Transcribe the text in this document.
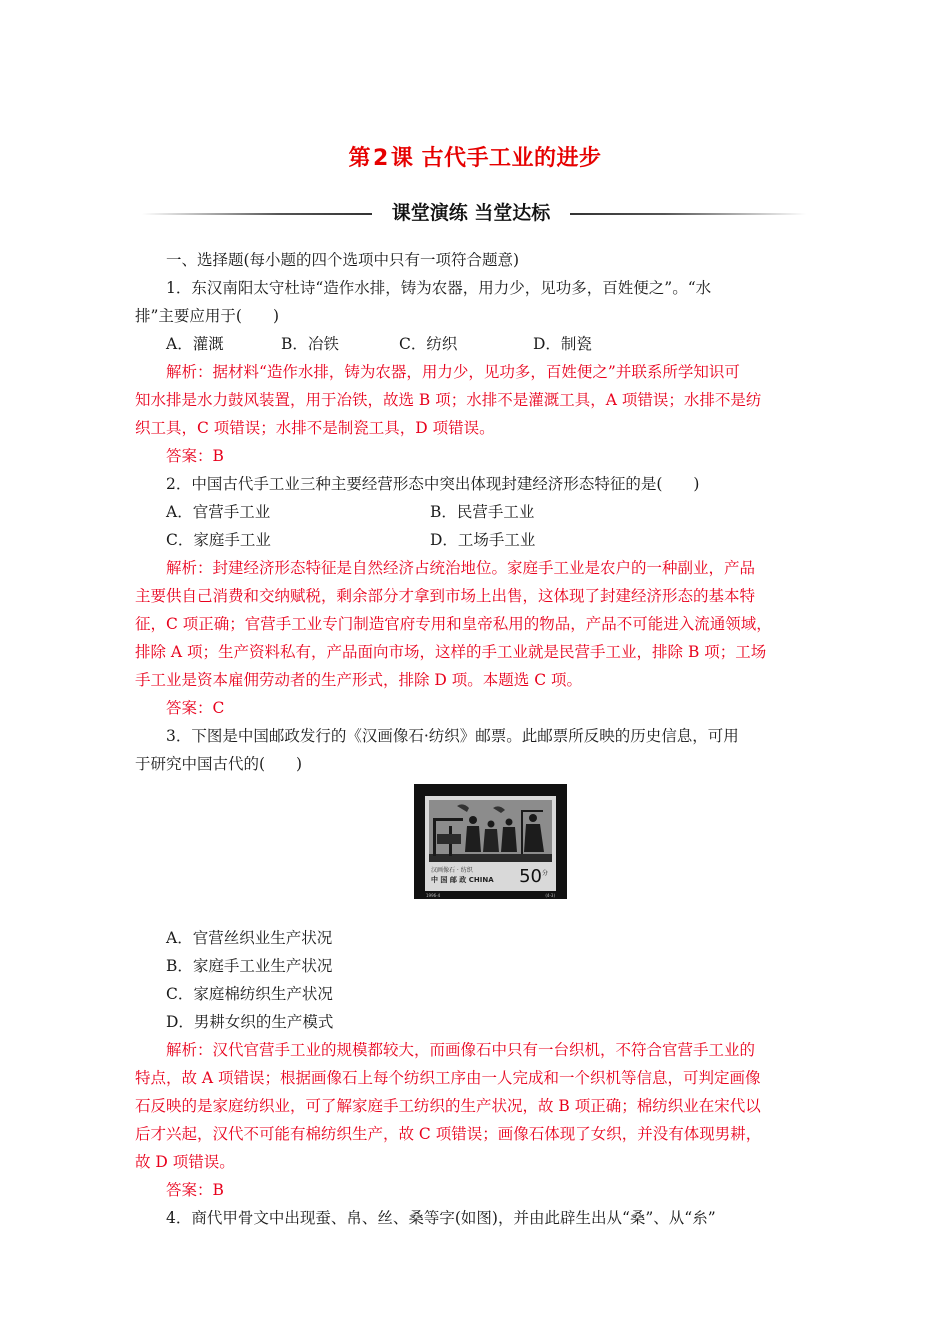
第2课 古代手工业的进步
课堂演练 当堂达标

一、选择题(每小题的四个选项中只有一项符合题意)

1．东汉南阳太守杜诗“造作水排，铸为农器，用力少，见功多，百姓便之”。“水

排”主要应用于(　　)

A．灌溉	B．冶铁	C．纺织	D．制瓷

解析：据材料“造作水排，铸为农器，用力少，见功多，百姓便之”并联系所学知识可

知水排是水力鼓风装置，用于冶铁，故选 B 项；水排不是灌溉工具，A 项错误；水排不是纺

织工具，C 项错误；水排不是制瓷工具，D 项错误。

答案：B

2．中国古代手工业三种主要经营形态中突出体现封建经济形态特征的是(　　)

A．官营手工业	B．民营手工业
C．家庭手工业	D．工场手工业

解析：封建经济形态特征是自然经济占统治地位。家庭手工业是农户的一种副业，产品

主要供自己消费和交纳赋税，剩余部分才拿到市场上出售，这体现了封建经济形态的基本特

征，C 项正确；官营手工业专门制造官府专用和皇帝私用的物品，产品不可能进入流通领域，

排除 A 项；生产资料私有，产品面向市场，这样的手工业就是民营手工业，排除 B 项；工场

手工业是资本雇佣劳动者的生产形式，排除 D 项。本题选 C 项。

答案：C

3．下图是中国邮政发行的《汉画像石·纺织》邮票。此邮票所反映的历史信息，可用

于研究中国古代的(　　)

汉画像石 · 纺织
中 国 邮 政 CHINA $50^分$
1996-4	(4-3)

A．官营丝织业生产状况

B．家庭手工业生产状况

C．家庭棉纺织生产状况

D．男耕女织的生产模式

解析：汉代官营手工业的规模都较大，而画像石中只有一台织机，不符合官营手工业的

特点，故 A 项错误；根据画像石上每个纺织工序由一人完成和一个织机等信息，可判定画像

石反映的是家庭纺织业，可了解家庭手工纺织的生产状况，故 B 项正确；棉纺织业在宋代以

后才兴起，汉代不可能有棉纺织生产，故 C 项错误；画像石体现了女织，并没有体现男耕，

故 D 项错误。

答案：B

4．商代甲骨文中出现蚕、帛、丝、桑等字(如图)，并由此辟生出从“桑”、从“糸”
